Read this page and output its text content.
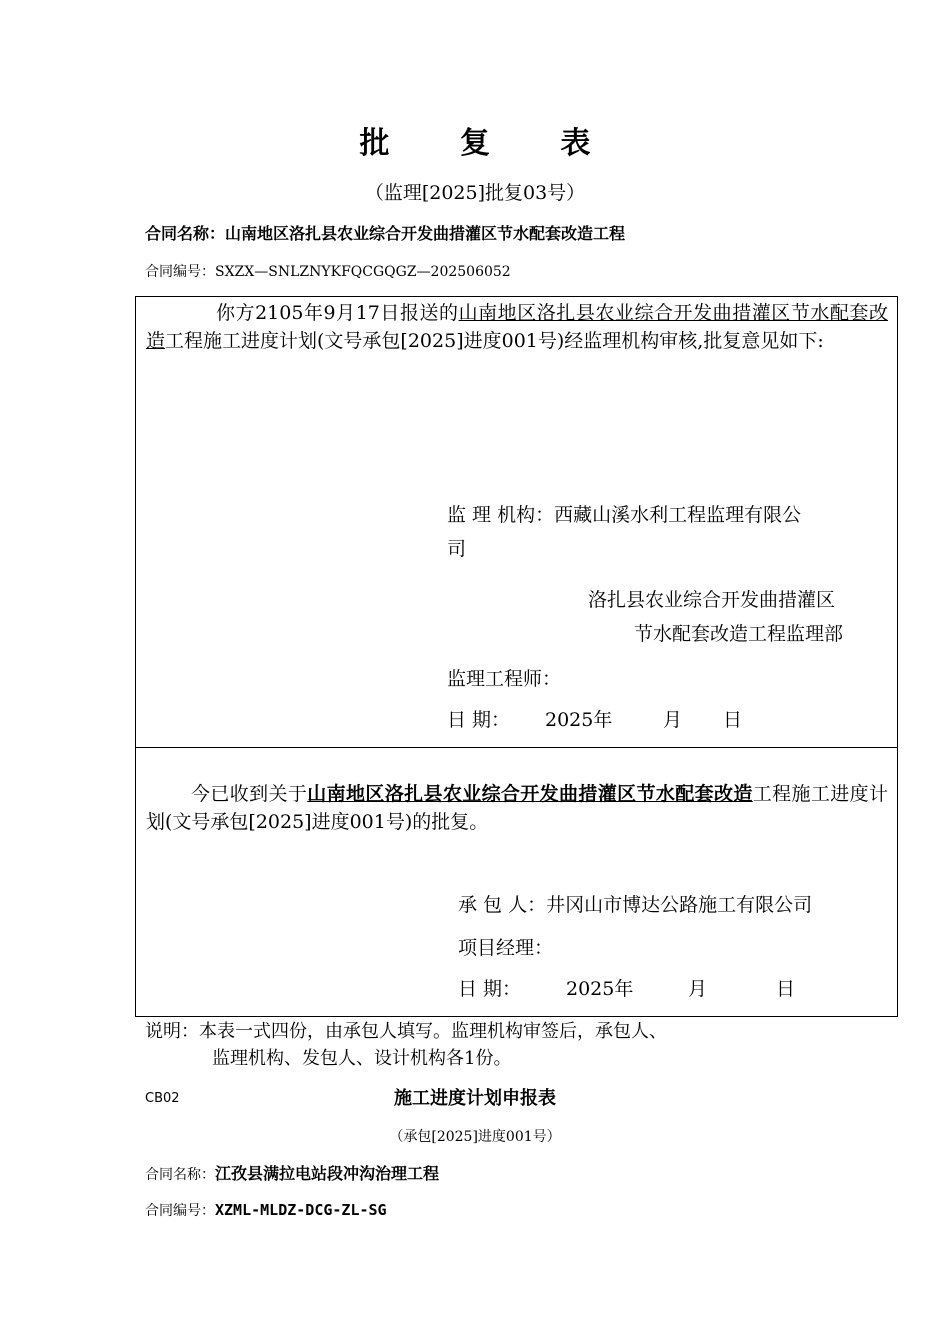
批 复 表
（监理[2025]批复03号）
合同名称：山南地区洛扎县农业综合开发曲措灌区节水配套改造工程
合同编号：SXZX—SNLZNYKFQCGQGZ—202506052
你方2105年9月17日报送的山南地区洛扎县农业综合开发曲措灌区节水配套改造工程施工进度计划(文号承包[2025]进度001号)经监理机构审核,批复意见如下:
监 理 机构：西藏山溪水利工程监理有限公
司
洛扎县农业综合开发曲措灌区
节水配套改造工程监理部
监理工程师：
日 期： 2025年	月 日
今已收到关于山南地区洛扎县农业综合开发曲措灌区节水配套改造工程施工进度计划(文号承包[2025]进度001号)的批复。
承 包 人：井冈山市博达公路施工有限公司
项目经理：
日 期： 2025年	月	日
说明：本表一式四份，由承包人填写。监理机构审签后，承包人、
监理机构、发包人、设计机构各1份。
CB02	施工进度计划申报表
（承包[2025]进度001号）
合同名称：江孜县满拉电站段冲沟治理工程
合同编号：XZML-MLDZ-DCG-ZL-SG
